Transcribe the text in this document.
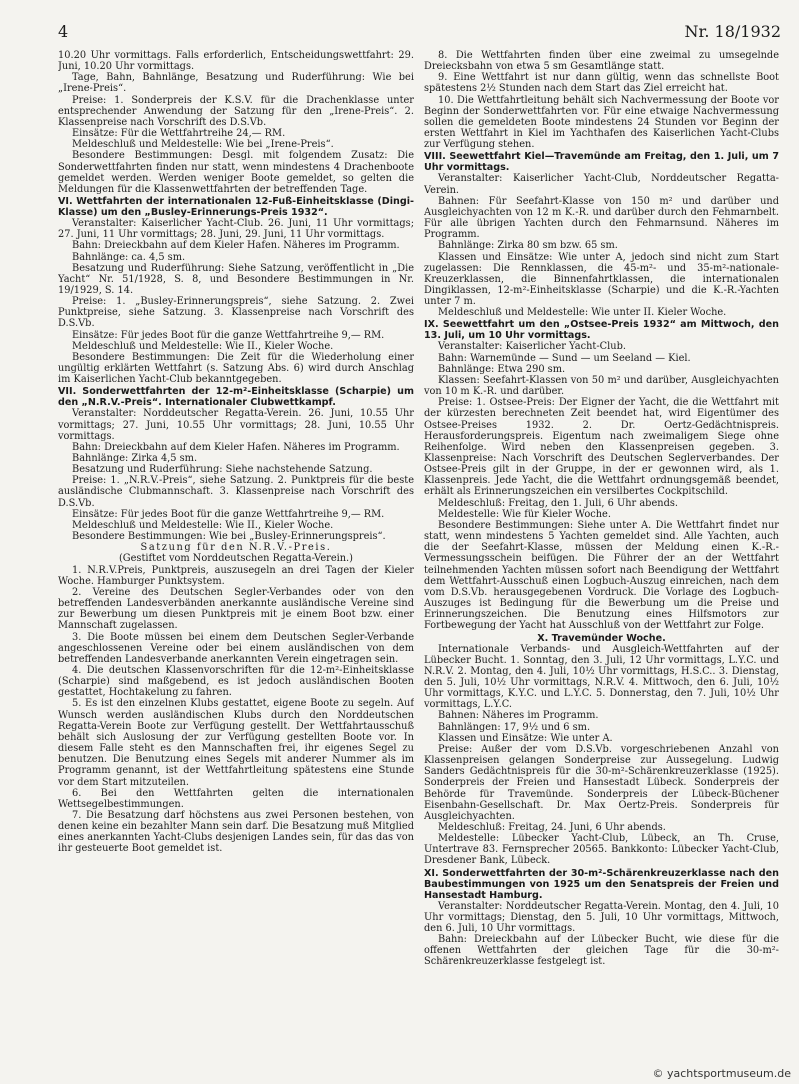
4	Nr. 18/1932

10.20 Uhr vormittags. Falls erforderlich, Entscheidungswettfahrt: 29. Juni, 10.20 Uhr vormittags.

Tage, Bahn, Bahnlänge, Besatzung und Ruderführung: Wie bei „Irene-Preis“.

Preise: 1. Sonderpreis der K.S.V. für die Drachenklasse unter entsprechender Anwendung der Satzung für den „Irene-Preis“. 2. Klassenpreise nach Vorschrift des D.S.Vb.

Einsätze: Für die Wettfahrtreihe 24,— RM.

Meldeschluß und Meldestelle: Wie bei „Irene-Preis“.

Besondere Bestimmungen: Desgl. mit folgendem Zusatz: Die Sonderwettfahrten finden nur statt, wenn mindestens 4 Drachenboote gemeldet werden. Werden weniger Boote gemeldet, so gelten die Meldungen für die Klassenwettfahrten der betreffenden Tage.

VI. Wettfahrten der internationalen 12-Fuß-Einheitsklasse (Dingi-Klasse) um den „Busley-Erinnerungs-Preis 1932“.

Veranstalter: Kaiserlicher Yacht-Club. 26. Juni, 11 Uhr vormittags; 27. Juni, 11 Uhr vormittags; 28. Juni, 29. Juni, 11 Uhr vormittags.

Bahn: Dreieckbahn auf dem Kieler Hafen. Näheres im Programm.

Bahnlänge: ca. 4,5 sm.

Besatzung und Ruderführung: Siehe Satzung, veröffentlicht in „Die Yacht“ Nr. 51/1928, S. 8, und Besondere Bestimmungen in Nr. 19/1929, S. 14.

Preise: 1. „Busley-Erinnerungspreis“, siehe Satzung. 2. Zwei Punktpreise, siehe Satzung. 3. Klassenpreise nach Vorschrift des D.S.Vb.

Einsätze: Für jedes Boot für die ganze Wettfahrtreihe 9,— RM.

Meldeschluß und Meldestelle: Wie II., Kieler Woche.

Besondere Bestimmungen: Die Zeit für die Wiederholung einer ungültig erklärten Wettfahrt (s. Satzung Abs. 6) wird durch Anschlag im Kaiserlichen Yacht-Club bekanntgegeben.

VII. Sonderwettfahrten der 12-m²-Einheitsklasse (Scharpie) um den „N.R.V.-Preis“. Internationaler Clubwettkampf.

Veranstalter: Norddeutscher Regatta-Verein. 26. Juni, 10.55 Uhr vormittags; 27. Juni, 10.55 Uhr vormittags; 28. Juni, 10.55 Uhr vormittags.

Bahn: Dreieckbahn auf dem Kieler Hafen. Näheres im Programm.

Bahnlänge: Zirka 4,5 sm.

Besatzung und Ruderführung: Siehe nachstehende Satzung.

Preise: 1. „N.R.V.-Preis“, siehe Satzung. 2. Punktpreis für die beste ausländische Clubmannschaft. 3. Klassenpreise nach Vorschrift des D.S.Vb.

Einsätze: Für jedes Boot für die ganze Wettfahrtreihe 9,— RM.

Meldeschluß und Meldestelle: Wie II., Kieler Woche.

Besondere Bestimmungen: Wie bei „Busley-Erinnerungspreis“.

Satzung für den N.R.V.-Preis.

(Gestiftet vom Norddeutschen Regatta-Verein.)

1. N.R.V.Preis, Punktpreis, auszusegeln an drei Tagen der Kieler Woche. Hamburger Punktsystem.

2. Vereine des Deutschen Segler-Verbandes oder von den betreffenden Landesverbänden anerkannte ausländische Vereine sind zur Bewerbung um diesen Punktpreis mit je einem Boot bzw. einer Mannschaft zugelassen.

3. Die Boote müssen bei einem dem Deutschen Segler-Verbande angeschlossenen Vereine oder bei einem ausländischen von dem betreffenden Landesverbande anerkannten Verein eingetragen sein.

4. Die deutschen Klassenvorschriften für die 12-m²-Einheitsklasse (Scharpie) sind maßgebend, es ist jedoch ausländischen Booten gestattet, Hochtakelung zu fahren.

5. Es ist den einzelnen Klubs gestattet, eigene Boote zu segeln. Auf Wunsch werden ausländischen Klubs durch den Norddeutschen Regatta-Verein Boote zur Verfügung gestellt. Der Wettfahrtausschuß behält sich Auslosung der zur Verfügung gestellten Boote vor. In diesem Falle steht es den Mannschaften frei, ihr eigenes Segel zu benutzen. Die Benutzung eines Segels mit anderer Nummer als im Programm genannt, ist der Wettfahrtleitung spätestens eine Stunde vor dem Start mitzuteilen.

6. Bei den Wettfahrten gelten die internationalen Wettsegelbestimmungen.

7. Die Besatzung darf höchstens aus zwei Personen bestehen, von denen keine ein bezahlter Mann sein darf. Die Besatzung muß Mitglied eines anerkannten Yacht-Clubs desjenigen Landes sein, für das das von ihr gesteuerte Boot gemeldet ist.

8. Die Wettfahrten finden über eine zweimal zu umsegelnde Dreiecksbahn von etwa 5 sm Gesamtlänge statt.

9. Eine Wettfahrt ist nur dann gültig, wenn das schnellste Boot spätestens 2½ Stunden nach dem Start das Ziel erreicht hat.

10. Die Wettfahrtleitung behält sich Nachvermessung der Boote vor Beginn der Sonderwettfahrten vor. Für eine etwaige Nachvermessung sollen die gemeldeten Boote mindestens 24 Stunden vor Beginn der ersten Wettfahrt in Kiel im Yachthafen des Kaiserlichen Yacht-Clubs zur Verfügung stehen.

VIII. Seewettfahrt Kiel—Travemünde am Freitag, den 1. Juli, um 7 Uhr vormittags.

Veranstalter: Kaiserlicher Yacht-Club, Norddeutscher Regatta-Verein.

Bahnen: Für Seefahrt-Klasse von 150 m² und darüber und Ausgleichyachten von 12 m K.-R. und darüber durch den Fehmarnbelt. Für alle übrigen Yachten durch den Fehmarnsund. Näheres im Programm.

Bahnlänge: Zirka 80 sm bzw. 65 sm.

Klassen und Einsätze: Wie unter A, jedoch sind nicht zum Start zugelassen: Die Rennklassen, die 45-m²- und 35-m²-nationale-Kreuzerklassen, die Binnenfahrtklassen, die internationalen Dingiklassen, 12-m²-Einheitsklasse (Scharpie) und die K.-R.-Yachten unter 7 m.

Meldeschluß und Meldestelle: Wie unter II. Kieler Woche.

IX. Seewettfahrt um den „Ostsee-Preis 1932“ am Mittwoch, den 13. Juli, um 10 Uhr vormittags.

Veranstalter: Kaiserlicher Yacht-Club.

Bahn: Warnemünde — Sund — um Seeland — Kiel.

Bahnlänge: Etwa 290 sm.

Klassen: Seefahrt-Klassen von 50 m² und darüber, Ausgleichyachten von 10 m K.-R. und darüber.

Preise: 1. Ostsee-Preis: Der Eigner der Yacht, die die Wettfahrt mit der kürzesten berechneten Zeit beendet hat, wird Eigentümer des Ostsee-Preises 1932. 2. Dr. Oertz-Gedächtnispreis. Herausforderungspreis. Eigentum nach zweimaligem Siege ohne Reihenfolge. Wird neben den Klassenpreisen gegeben. 3. Klassenpreise: Nach Vorschrift des Deutschen Seglerverbandes. Der Ostsee-Preis gilt in der Gruppe, in der er gewonnen wird, als 1. Klassenpreis. Jede Yacht, die die Wettfahrt ordnungsgemäß beendet, erhält als Erinnerungszeichen ein versilbertes Cockpitschild.

Meldeschluß: Freitag, den 1. Juli, 6 Uhr abends.

Meldestelle: Wie für Kieler Woche.

Besondere Bestimmungen: Siehe unter A. Die Wettfahrt findet nur statt, wenn mindestens 5 Yachten gemeldet sind. Alle Yachten, auch die der Seefahrt-Klasse, müssen der Meldung einen K.-R.-Vermessungsschein beifügen. Die Führer der an der Wettfahrt teilnehmenden Yachten müssen sofort nach Beendigung der Wettfahrt dem Wettfahrt-Ausschuß einen Logbuch-Auszug einreichen, nach dem vom D.S.Vb. herausgegebenen Vordruck. Die Vorlage des Logbuch-Auszuges ist Bedingung für die Bewerbung um die Preise und Erinnerungszeichen. Die Benutzung eines Hilfsmotors zur Fortbewegung der Yacht hat Ausschluß von der Wettfahrt zur Folge.

X. Travemünder Woche.

Internationale Verbands- und Ausgleich-Wettfahrten auf der Lübecker Bucht. 1. Sonntag, den 3. Juli, 12 Uhr vormittags, L.Y.C. und N.R.V. 2. Montag, den 4. Juli, 10½ Uhr vormittags, H.S.C.. 3. Dienstag, den 5. Juli, 10½ Uhr vormittags, N.R.V. 4. Mittwoch, den 6. Juli, 10½ Uhr vormittags, K.Y.C. und L.Y.C. 5. Donnerstag, den 7. Juli, 10½ Uhr vormittags, L.Y.C.

Bahnen: Näheres im Programm.

Bahnlängen: 17, 9½ und 6 sm.

Klassen und Einsätze: Wie unter A.

Preise: Außer der vom D.S.Vb. vorgeschriebenen Anzahl von Klassenpreisen gelangen Sonderpreise zur Aussegelung. Ludwig Sanders Gedächtnispreis für die 30-m²-Schärenkreuzerklasse (1925). Sonderpreis der Freien und Hansestadt Lübeck. Sonderpreis der Behörde für Travemünde. Sonderpreis der Lübeck-Büchener Eisenbahn-Gesellschaft. Dr. Max Oertz-Preis. Sonderpreis für Ausgleichyachten.

Meldeschluß: Freitag, 24. Juni, 6 Uhr abends.

Meldestelle: Lübecker Yacht-Club, Lübeck, an Th. Cruse, Untertrave 83. Fernsprecher 20565. Bankkonto: Lübecker Yacht-Club, Dresdener Bank, Lübeck.

XI. Sonderwettfahrten der 30-m²-Schärenkreuzerklasse nach den Baubestimmungen von 1925 um den Senatspreis der Freien und Hansestadt Hamburg.

Veranstalter: Norddeutscher Regatta-Verein. Montag, den 4. Juli, 10 Uhr vormittags; Dienstag, den 5. Juli, 10 Uhr vormittags, Mittwoch, den 6. Juli, 10 Uhr vormittags.

Bahn: Dreieckbahn auf der Lübecker Bucht, wie diese für die offenen Wettfahrten der gleichen Tage für die 30-m²-Schärenkreuzerklasse festgelegt ist.

© yachtsportmuseum.de
